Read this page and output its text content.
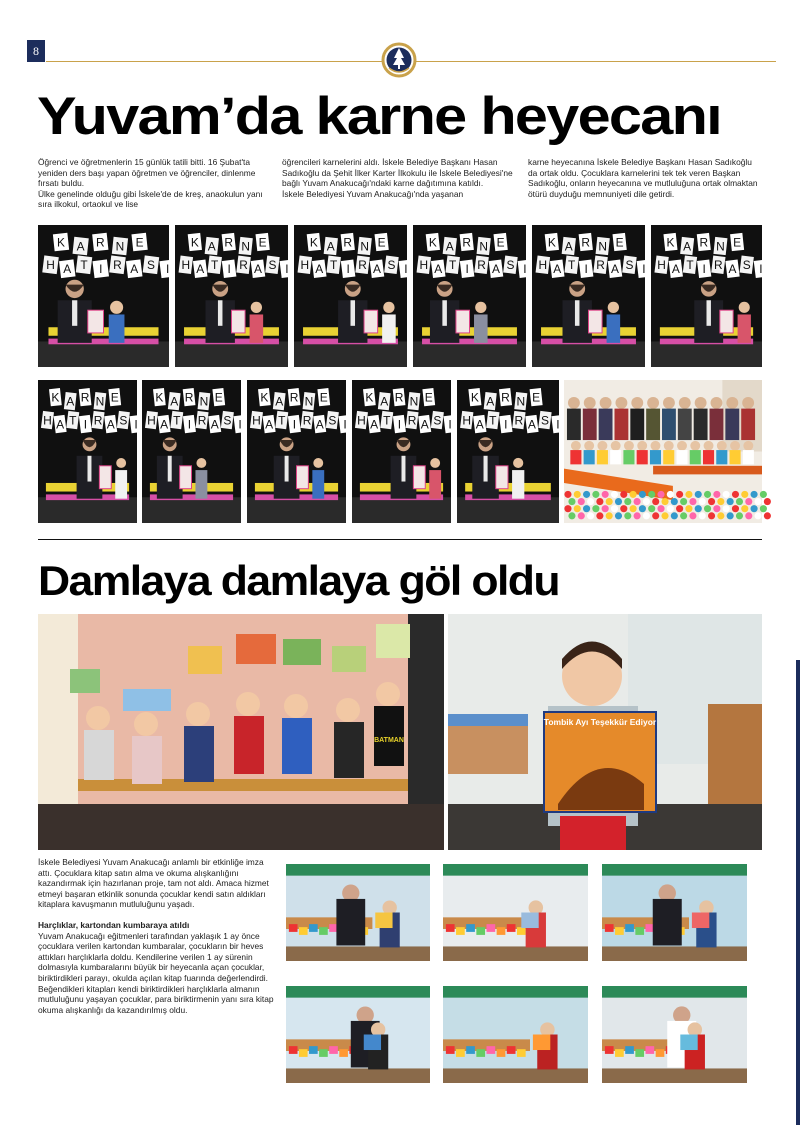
8
Yuvam’da karne heyecanı

Öğrenci ve öğretmenlerin 15 günlük tatili bitti. 16 Şubat'ta yeniden ders başı yapan öğretmen ve öğrenciler, dinlenme fırsatı buldu.

Ülke genelinde olduğu gibi İskele'de de kreş, anaokulun yanı sıra ilkokul, ortaokul ve lise

öğrencileri karnelerini aldı. İskele Belediye Başkanı Hasan Sadıkoğlu da Şehit İlker Karter İlkokulu ile İskele Belediyesi'ne bağlı Yuvam Anakucağı'ndaki karne dağıtımına katıldı.

İskele Belediyesi Yuvam Anakucağı'nda yaşanan

karne heyecanına İskele Belediye Başkanı Hasan Sadıkoğlu da ortak oldu. Çocuklara karnelerini tek tek veren Başkan Sadıkoğlu, onların heyecanına ve mutluluğuna ortak olmaktan ötürü duyduğu memnuniyeti dile getirdi.

K A R N E
H A T I R A S I
K A R N E
H A T I R A S I
K A R N E
H A T I R A S I
K A R N E
H A T I R A S I
K A R N E
H A T I R A S I
K A R N E
H A T I R A S I
K A R N E
H A T I R A S I
K A R N E
H A T I R A S I
K A R N E
H A T I R A S I
K A R N E
H A T I R A S I
K A R N E
H A T I R A S I
Damlaya damlaya göl oldu
BATMAN
Tombik Ayı Teşekkür Ediyor

İskele Belediyesi Yuvam Anakucağı anlamlı bir etkinliğe imza attı. Çocuklara kitap satın alma ve okuma alışkanlığını kazandırmak için hazırlanan proje, tam not aldı. Amaca hizmet etmeyi başaran etkinlik sonunda çocuklar kendi satın aldıkları kitaplara kavuşmanın mutluluğunu yaşadı.

Harçlıklar, kartondan kumbaraya atıldı

Yuvam Anakucağı eğitmenleri tarafından yaklaşık 1 ay önce çocuklara verilen kartondan kumbaralar, çocukların bir heves attıkları harçlıklarla doldu. Kendilerine verilen 1 ay sürenin dolmasıyla kumbaralarını büyük bir heyecanla açan çocuklar, biriktirdikleri parayı, okulda açılan kitap fuarında değerlendirdi. Beğendikleri kitapları kendi biriktirdikleri harçlıklarla almanın mutluluğunu yaşayan çocuklar, para biriktirmenin yanı sıra kitap okuma alışkanlığı da kazandırılmış oldu.
